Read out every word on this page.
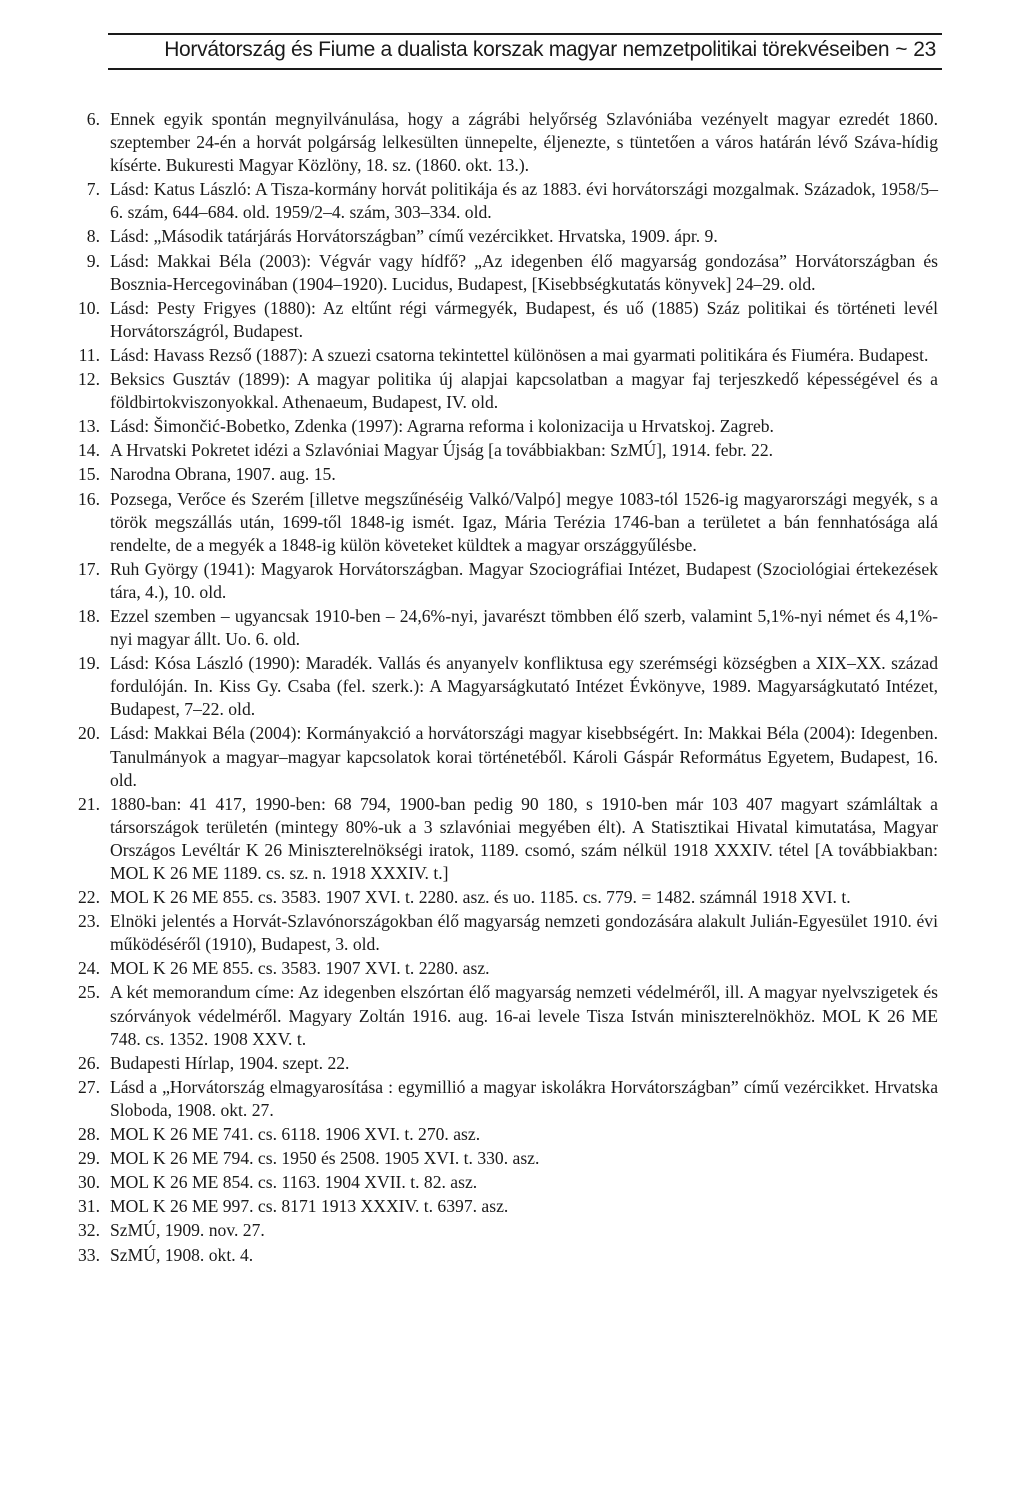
Horvátország és Fiume a dualista korszak magyar nemzetpolitikai törekvéseiben ~ 23
6. Ennek egyik spontán megnyilvánulása, hogy a zágrábi helyőrség Szlavóniába vezényelt magyar ezredét 1860. szeptember 24-én a horvát polgárság lelkesülten ünnepelte, éljenezte, s tüntetően a város határán lévő Száva-hídig kísérte. Bukuresti Magyar Közlöny, 18. sz. (1860. okt. 13.).
7. Lásd: Katus László: A Tisza-kormány horvát politikája és az 1883. évi horvátországi mozgalmak. Századok, 1958/5–6. szám, 644–684. old. 1959/2–4. szám, 303–334. old.
8. Lásd: „Második tatárjárás Horvátországban” című vezércikket. Hrvatska, 1909. ápr. 9.
9. Lásd: Makkai Béla (2003): Végvár vagy hídfő? „Az idegenben élő magyarság gondozása” Horvátországban és Bosznia-Hercegovinában (1904–1920). Lucidus, Budapest, [Kisebbségkutatás könyvek] 24–29. old.
10. Lásd: Pesty Frigyes (1880): Az eltűnt régi vármegyék, Budapest, és uő (1885) Száz politikai és történeti levél Horvátországról, Budapest.
11. Lásd: Havass Rezső (1887): A szuezi csatorna tekintettel különösen a mai gyarmati politikára és Fiuméra. Budapest.
12. Beksics Gusztáv (1899): A magyar politika új alapjai kapcsolatban a magyar faj terjeszkedő képességével és a földbirtokviszonyokkal. Athenaeum, Budapest, IV. old.
13. Lásd: Šimončić-Bobetko, Zdenka (1997): Agrarna reforma i kolonizacija u Hrvatskoj. Zagreb.
14. A Hrvatski Pokretet idézi a Szlavóniai Magyar Újság [a továbbiakban: SzMÚ], 1914. febr. 22.
15. Narodna Obrana, 1907. aug. 15.
16. Pozsega, Verőce és Szerém [illetve megszűnéséig Valkó/Valpó] megye 1083-tól 1526-ig magyarországi megyék, s a török megszállás után, 1699-től 1848-ig ismét. Igaz, Mária Terézia 1746-ban a területet a bán fennhatósága alá rendelte, de a megyék a 1848-ig külön követeket küldtek a magyar országgyűlésbe.
17. Ruh György (1941): Magyarok Horvátországban. Magyar Szociográfiai Intézet, Budapest (Szociológiai értekezések tára, 4.), 10. old.
18. Ezzel szemben – ugyancsak 1910-ben – 24,6%-nyi, javarészt tömbben élő szerb, valamint 5,1%-nyi német és 4,1%-nyi magyar állt. Uo. 6. old.
19. Lásd: Kósa László (1990): Maradék. Vallás és anyanyelv konfliktusa egy szerémségi községben a XIX–XX. század fordulóján. In. Kiss Gy. Csaba (fel. szerk.): A Magyarságkutató Intézet Évkönyve, 1989. Magyarságkutató Intézet, Budapest, 7–22. old.
20. Lásd: Makkai Béla (2004): Kormányakció a horvátországi magyar kisebbségért. In: Makkai Béla (2004): Idegenben. Tanulmányok a magyar–magyar kapcsolatok korai történetéből. Károli Gáspár Református Egyetem, Budapest, 16. old.
21. 1880-ban: 41 417, 1990-ben: 68 794, 1900-ban pedig 90 180, s 1910-ben már 103 407 magyart számláltak a társországok területén (mintegy 80%-uk a 3 szlavóniai megyében élt). A Statisztikai Hivatal kimutatása, Magyar Országos Levéltár K 26 Miniszterelnökségi iratok, 1189. csomó, szám nélkül 1918 XXXIV. tétel [A továbbiakban: MOL K 26 ME 1189. cs. sz. n. 1918 XXXIV. t.]
22. MOL K 26 ME 855. cs. 3583. 1907 XVI. t. 2280. asz. és uo. 1185. cs. 779. = 1482. számnál 1918 XVI. t.
23. Elnöki jelentés a Horvát-Szlavónországokban élő magyarság nemzeti gondozására alakult Julián-Egyesület 1910. évi működéséről (1910), Budapest, 3. old.
24. MOL K 26 ME 855. cs. 3583. 1907 XVI. t. 2280. asz.
25. A két memorandum címe: Az idegenben elszórtan élő magyarság nemzeti védelméről, ill. A magyar nyelvszigetek és szórványok védelméről. Magyary Zoltán 1916. aug. 16-ai levele Tisza István miniszterelnökhöz. MOL K 26 ME 748. cs. 1352. 1908 XXV. t.
26. Budapesti Hírlap, 1904. szept. 22.
27. Lásd a „Horvátország elmagyarosítása : egymillió a magyar iskolákra Horvátországban” című vezércikket. Hrvatska Sloboda, 1908. okt. 27.
28. MOL K 26 ME 741. cs. 6118. 1906 XVI. t. 270. asz.
29. MOL K 26 ME 794. cs. 1950 és 2508. 1905 XVI. t. 330. asz.
30. MOL K 26 ME 854. cs. 1163. 1904 XVII. t. 82. asz.
31. MOL K 26 ME 997. cs. 8171 1913 XXXIV. t. 6397. asz.
32. SzMÚ, 1909. nov. 27.
33. SzMÚ, 1908. okt. 4.
